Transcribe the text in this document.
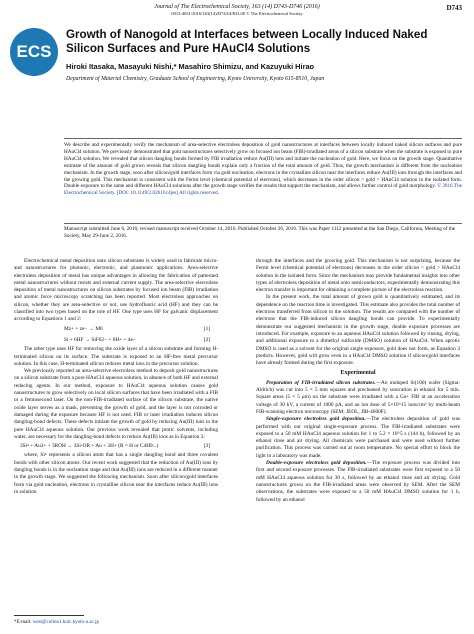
Journal of The Electrochemical Society, 163 (14) D743-D746 (2016)
0013-4651/2016/163(14)/D743/4/$33.00 © The Electrochemical Society
D743
ECS
Growth of Nanogold at Interfaces between Locally Induced Naked Silicon Surfaces and Pure HAuCl4 Solutions
Hiroki Itasaka, Masayuki Nishi,* Masahiro Shimizu, and Kazuyuki Hirao
Department of Material Chemistry, Graduate School of Engineering, Kyoto University, Kyoto 615-8510, Japan

We describe and experimentally verify the mechanism of area-selective electroless deposition of gold nanostructures at interfaces between locally induced naked silicon surfaces and pure HAuCl4 solution. We previously demonstrated that gold nanostructures selectively grow on focused ion beam (FIB)-irradiated areas of a silicon substrate when the substrate is exposed to pure HAuCl4 solution. We revealed that silicon dangling bonds formed by FIB irradiation reduce Au(III) ions and initiate the nucleation of gold. Here, we focus on the growth stage. Quantitative estimate of the amount of gold grown reveals that silicon dangling bonds explain only a fraction of the total amount of gold. Thus, the growth mechanism is different from the nucleation mechanism. In the growth stage, soon after silicon/gold interfaces form via gold nucleation, electrons in the crystalline silicon near the interfaces reduce Au(III) ions through the interfaces and the growing gold. This mechanism is consistent with the Fermi level (chemical potential of electrons), which decreases in the order silicon > gold > HAuCl4 solution in the isolated form. Double exposure to the same and different HAuCl4 solutions after the growth stage verifies the results that support the mechanism, and allows further control of gold morphology. © 2016 The Electrochemical Society. [DOI: 10.1149/2.0261614jes] All rights reserved.

Manuscript submitted June 6, 2016; revised manuscript received October 14, 2016. Published October 26, 2016. This was Paper 1112 presented at the San Diego, California, Meeting of the Society, May 29-June 2, 2016.

Electrochemical metal deposition onto silicon substrates is widely used to fabricate micro- and nanostructures for photonic, electronic, and plasmonic applications. Area-selective electroless deposition of metal has unique advantages in allowing the fabrication of patterned metal nanostructures without resists and external current supply. The area-selective electroless deposition of metal nanostructures on silicon substrates by focused ion beam (FIB) irradiation and atomic force microscopy scratching has been reported. Most electroless approaches on silicon, whether they are area-selective or not, use hydrofluoric acid (HF) and they can be classified into two types based on the role of HF. One type uses HF for galvanic displacement according to Equations 1 and 2:

Mz+ + ze− → M0	[1]
Si + 6HF → SiF62− + 6H+ + 4e−	[2]

The other type uses HF for removing the oxide layer of a silicon substrate and forming H-terminated silicon on its surface. The substrate is exposed to an HF-free metal precursor solution. In this case, H-terminated silicon reduces metal ions in the precursor solution.

We previously reported an area-selective electroless method to deposit gold nanostructures on a silicon substrate from a pure HAuCl4 aqueous solution, in absence of both HF and external reducing agents. In our method, exposure to HAuCl4 aqueous solution causes gold nanostructures to grow selectively on local silicon surfaces that have been irradiated with a FIB or a femtosecond laser. On the non-FIB-irradiated surface of the silicon substrate, the native oxide layer serves as a mask, preventing the growth of gold, and the layer is not corroded or damaged during the exposure because HF is not used. FIB or laser irradiation induces silicon dangling-bond defects. These defects initiate the growth of gold by reducing Au(III) ions in the pure HAuCl4 aqueous solution. Our previous work revealed that protic solvents, including water, are necessary for the dangling-bond defects to reduce Au(III) ions as in Equation 3:

3Si• + Au3+ + 3ROH → 3Si-OR + Au + 3H+ (R = H or C4H9...)	[3]

where, Si• represents a silicon atom that has a single dangling bond and three covalent bonds with other silicon atoms. Our recent work suggested that the reduction of Au(III) ions by dangling bonds is in the nucleation stage and that Au(III) ions are reduced in a different manner in the growth stage. We suggested the following mechanism. Soon after silicon/gold interfaces form via gold nucleation, electrons in crystalline silicon near the interfaces reduce Au(III) ions in solution

through the interfaces and the growing gold. This mechanism is not surprising, because the Fermi level (chemical potential of electrons) decreases in the order silicon > gold > HAuCl4 solution in the isolated form. Since the mechanism may provide fundamental insights into other types of electroless deposition of metal onto semiconductors, experimentally demonstrating this electron transfer is important for obtaining a complete picture of the electroless reaction.

In the present work, the total amount of grown gold is quantitatively estimated, and its dependence on the reaction time is investigated. This estimate also provides the total number of electrons transferred from silicon to the solution. The results are compared with the number of electrons that the FIB-induced silicon dangling bonds can provide. To experimentally demonstrate our suggested mechanism in the growth stage, double exposure processes are introduced. For example, exposure to an aqueous HAuCl4 solution followed by rinsing, drying, and additional exposure to a dimethyl sulfoxide (DMSO) solution of HAuCl4. When aprotic DMSO is used as a solvent for the original single exposure, gold does not form, as Equation 3 predicts. However, gold will grow even in a HAuCl4 DMSO solution if silicon/gold interfaces have already formed during the first exposure.

Experimental

Preparation of FIB-irradiated silicon substrates.—An undoped Si(100) wafer (Sigma-Aldrich) was cut into 5 × 5 mm squares and precleaned by sonication in ethanol for 5 min. Square areas (5 × 5 μm) on the substrate were irradiated with a Ga+ FIB at an acceleration voltage of 30 kV, a current of 1000 pA, and an ion dose of 5×10^15 ions/cm² by multi-beam FIB-scanning electron microscopy (SEM; JEOL, JIB-4600F).

Single-exposure electroless gold deposition.—The electroless deposition of gold was performed with our original single-exposure process. The FIB-irradiated substrates were exposed to a 50 mM HAuCl4 aqueous solution for 1 to 5.2 × 10^5 s (144 h), followed by an ethanol rinse and air drying. All chemicals were purchased and were used without further purification. This process was carried out at room temperature. No special effort to block the light in a laboratory was made.

Double-exposure electroless gold deposition.—The exposure process was divided into first and second exposure processes. The FIB-irradiated substrates were first exposed to a 50 mM HAuCl4 aqueous solution for 30 s, followed by an ethanol rinse and air drying. Gold nanostructures grown on the FIB-irradiated areas were observed by SEM. After the SEM observations, the substrates were exposed to a 50 mM HAuCl4 DMSO solution for 1 h, followed by an ethanol

*E-mail: west@collon1.kuic.kyoto-u.ac.jp
